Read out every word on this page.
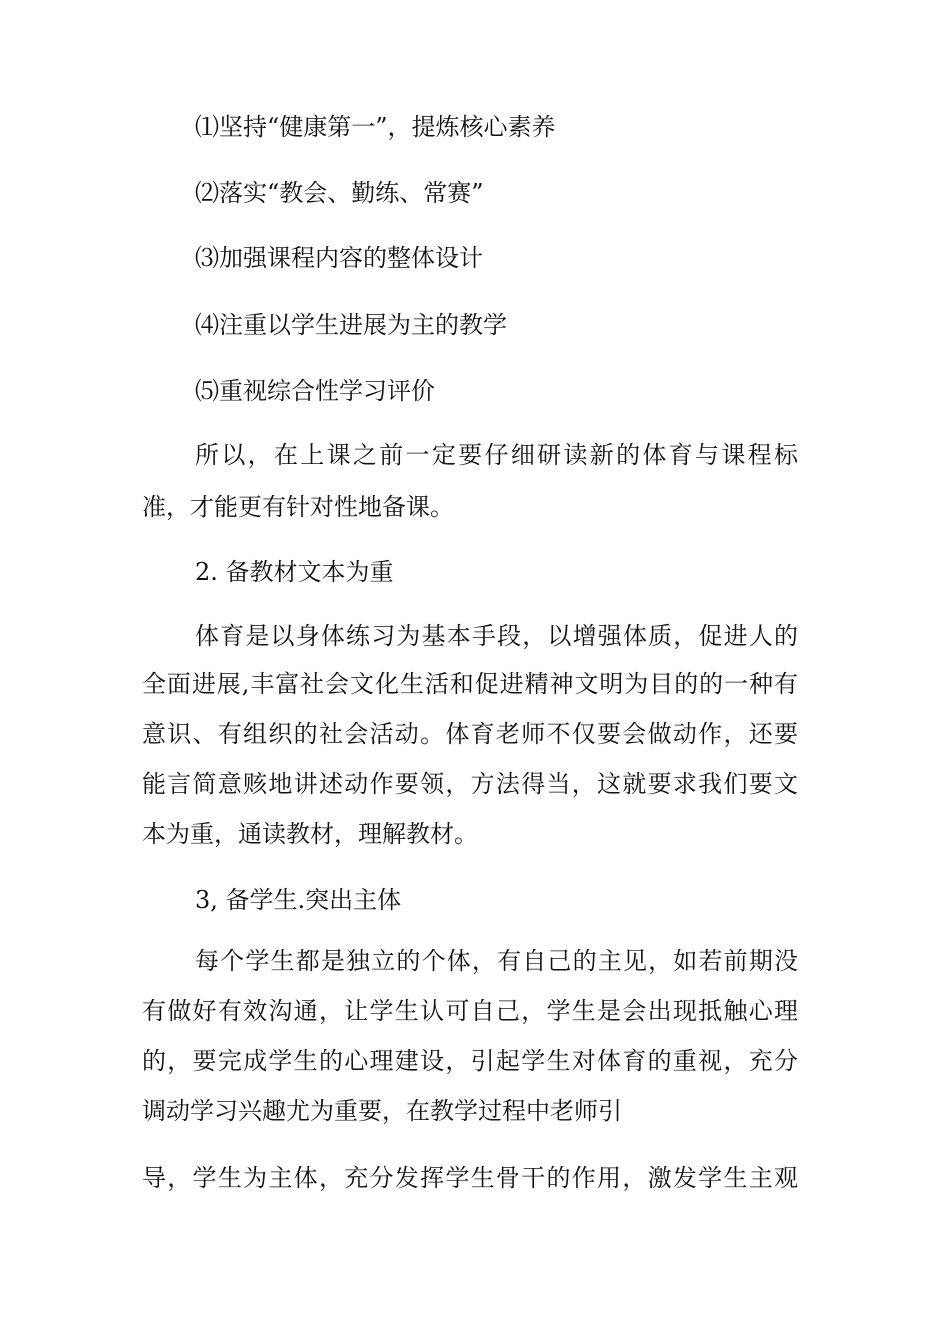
⑴坚持“健康第一”，提炼核心素养
⑵落实“教会、勤练、常赛”
⑶加强课程内容的整体设计
⑷注重以学生进展为主的教学
⑸重视综合性学习评价
所以，在上课之前一定要仔细研读新的体育与课程标
准，才能更有针对性地备课。
2. 备教材文本为重
体育是以身体练习为基本手段，以增强体质，促进人的
全面进展,丰富社会文化生活和促进精神文明为目的的一种有
意识、有组织的社会活动。体育老师不仅要会做动作，还要
能言简意赅地讲述动作要领，方法得当，这就要求我们要文
本为重，通读教材，理解教材。
3, 备学生.突出主体
每个学生都是独立的个体，有自己的主见，如若前期没
有做好有效沟通，让学生认可自己，学生是会出现抵触心理
的，要完成学生的心理建设，引起学生对体育的重视，充分
调动学习兴趣尤为重要，在教学过程中老师引
导，学生为主体，充分发挥学生骨干的作用，激发学生主观
